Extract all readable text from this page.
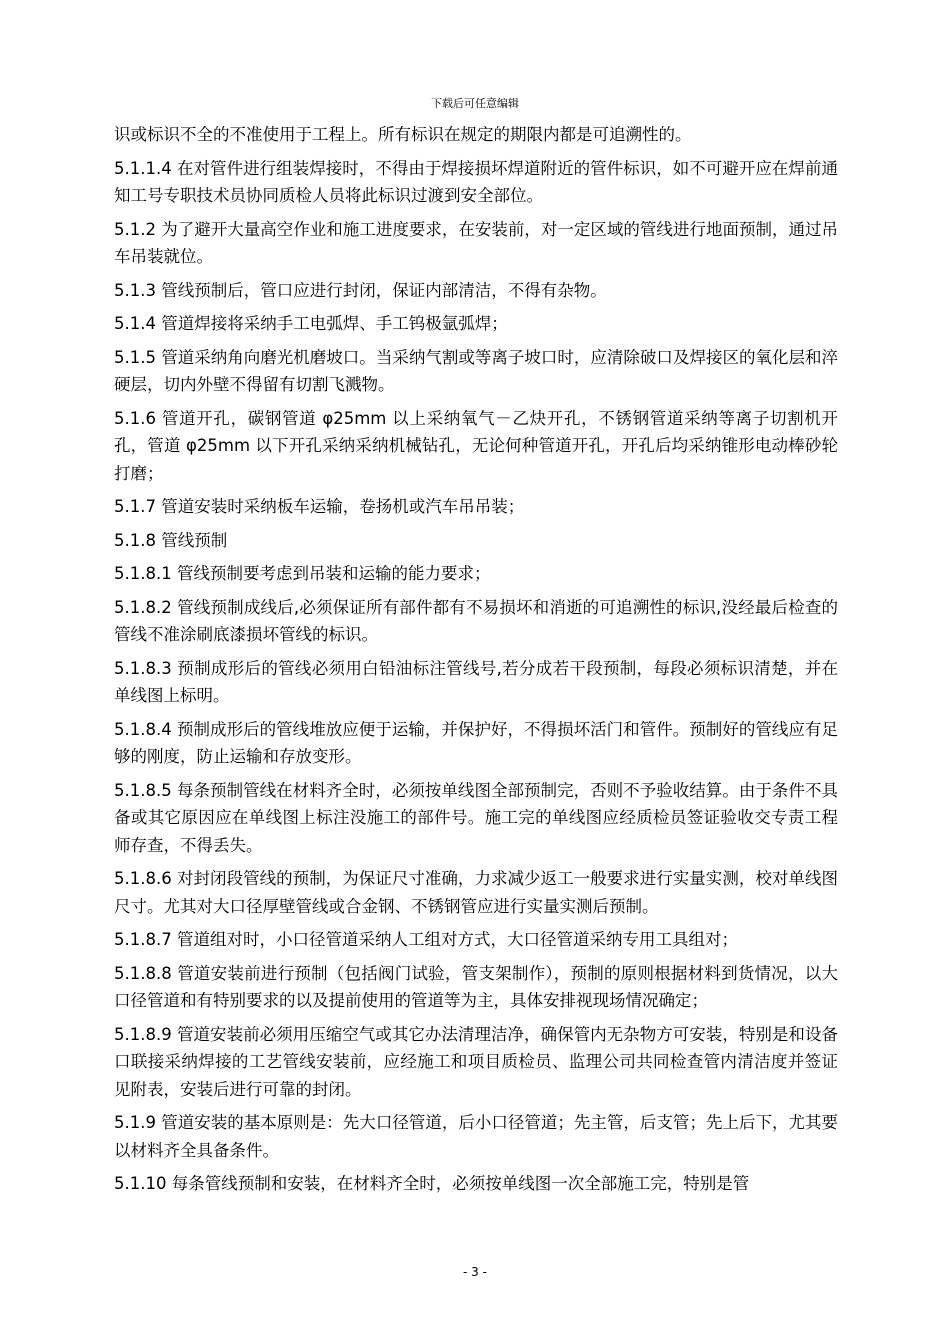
下载后可任意编辑

识或标识不全的不准使用于工程上。所有标识在规定的期限内都是可追溯性的。

5.1.1.4 在对管件进行组装焊接时，不得由于焊接损坏焊道附近的管件标识，如不可避开应在焊前通知工号专职技术员协同质检人员将此标识过渡到安全部位。

5.1.2 为了避开大量高空作业和施工进度要求，在安装前，对一定区域的管线进行地面预制，通过吊车吊装就位。

5.1.3 管线预制后，管口应进行封闭，保证内部清洁，不得有杂物。

5.1.4 管道焊接将采纳手工电弧焊、手工钨极氩弧焊；

5.1.5 管道采纳角向磨光机磨坡口。当采纳气割或等离子坡口时，应清除破口及焊接区的氧化层和淬硬层，切内外壁不得留有切割飞溅物。

5.1.6 管道开孔，碳钢管道 φ25mm 以上采纳氧气－乙炔开孔，不锈钢管道采纳等离子切割机开孔，管道 φ25mm 以下开孔采纳采纳机械钻孔，无论何种管道开孔，开孔后均采纳锥形电动棒砂轮打磨；

5.1.7 管道安装时采纳板车运输，卷扬机或汽车吊吊装；

5.1.8 管线预制

5.1.8.1 管线预制要考虑到吊装和运输的能力要求；

5.1.8.2 管线预制成线后,必须保证所有部件都有不易损坏和消逝的可追溯性的标识,没经最后检查的管线不准涂刷底漆损坏管线的标识。

5.1.8.3 预制成形后的管线必须用白铅油标注管线号,若分成若干段预制，每段必须标识清楚，并在单线图上标明。

5.1.8.4 预制成形后的管线堆放应便于运输，并保护好，不得损坏活门和管件。预制好的管线应有足够的刚度，防止运输和存放变形。

5.1.8.5 每条预制管线在材料齐全时，必须按单线图全部预制完，否则不予验收结算。由于条件不具备或其它原因应在单线图上标注没施工的部件号。施工完的单线图应经质检员签证验收交专责工程师存查，不得丢失。

5.1.8.6 对封闭段管线的预制，为保证尺寸准确，力求减少返工一般要求进行实量实测，校对单线图尺寸。尤其对大口径厚壁管线或合金钢、不锈钢管应进行实量实测后预制。

5.1.8.7 管道组对时，小口径管道采纳人工组对方式，大口径管道采纳专用工具组对；

5.1.8.8 管道安装前进行预制（包括阀门试验，管支架制作），预制的原则根据材料到货情况，以大口径管道和有特别要求的以及提前使用的管道等为主，具体安排视现场情况确定；

5.1.8.9 管道安装前必须用压缩空气或其它办法清理洁净，确保管内无杂物方可安装，特别是和设备口联接采纳焊接的工艺管线安装前，应经施工和项目质检员、监理公司共同检查管内清洁度并签证见附表，安装后进行可靠的封闭。

5.1.9 管道安装的基本原则是：先大口径管道，后小口径管道；先主管，后支管；先上后下，尤其要以材料齐全具备条件。

5.1.10 每条管线预制和安装，在材料齐全时，必须按单线图一次全部施工完，特别是管

- 3 -
